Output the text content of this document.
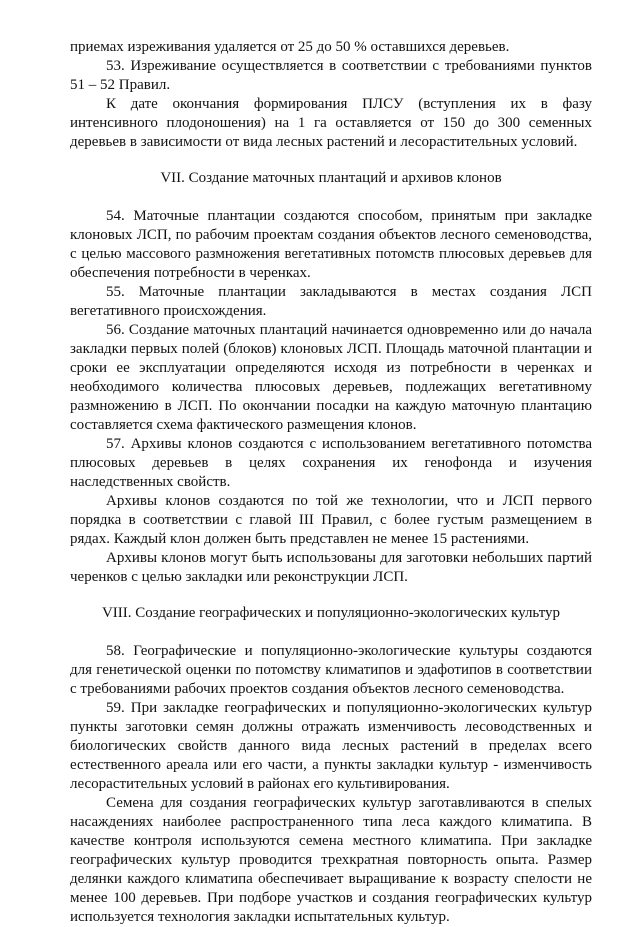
приемах изреживания удаляется от 25 до 50 % оставшихся деревьев.

53. Изреживание осуществляется в соответствии с требованиями пунктов 51 – 52 Правил.

К дате окончания формирования ПЛСУ (вступления их в фазу интенсивного плодоношения) на 1 га оставляется от 150 до 300 семенных деревьев в зависимости от вида лесных растений и лесорастительных условий.

VII. Создание маточных плантаций и архивов клонов

54. Маточные плантации создаются способом, принятым при закладке клоновых ЛСП, по рабочим проектам создания объектов лесного семеноводства, с целью массового размножения вегетативных потомств плюсовых деревьев для обеспечения потребности в черенках.

55. Маточные плантации закладываются в местах создания ЛСП вегетативного происхождения.

56. Создание маточных плантаций начинается одновременно или до начала закладки первых полей (блоков) клоновых ЛСП. Площадь маточной плантации и сроки ее эксплуатации определяются исходя из потребности в черенках и необходимого количества плюсовых деревьев, подлежащих вегетативному размножению в ЛСП. По окончании посадки на каждую маточную плантацию составляется схема фактического размещения клонов.

57. Архивы клонов создаются с использованием вегетативного потомства плюсовых деревьев в целях сохранения их генофонда и изучения наследственных свойств.

Архивы клонов создаются по той же технологии, что и ЛСП первого порядка в соответствии с главой III Правил, с более густым размещением в рядах. Каждый клон должен быть представлен не менее 15 растениями.

Архивы клонов могут быть использованы для заготовки небольших партий черенков с целью закладки или реконструкции ЛСП.

VIII. Создание географических и популяционно-экологических культур

58. Географические и популяционно-экологические культуры создаются для генетической оценки по потомству климатипов и эдафотипов в соответствии с требованиями рабочих проектов создания объектов лесного семеноводства.

59. При закладке географических и популяционно-экологических культур пункты заготовки семян должны отражать изменчивость лесоводственных и биологических свойств данного вида лесных растений в пределах всего естественного ареала или его части, а пункты закладки культур - изменчивость лесорастительных условий в районах его культивирования.

Семена для создания географических культур заготавливаются в спелых насаждениях наиболее распространенного типа леса каждого климатипа. В качестве контроля используются семена местного климатипа. При закладке географических культур проводится трехкратная повторность опыта. Размер делянки каждого климатипа обеспечивает выращивание к возрасту спелости не менее 100 деревьев. При подборе участков и создания географических культур используется технология закладки испытательных культур.
